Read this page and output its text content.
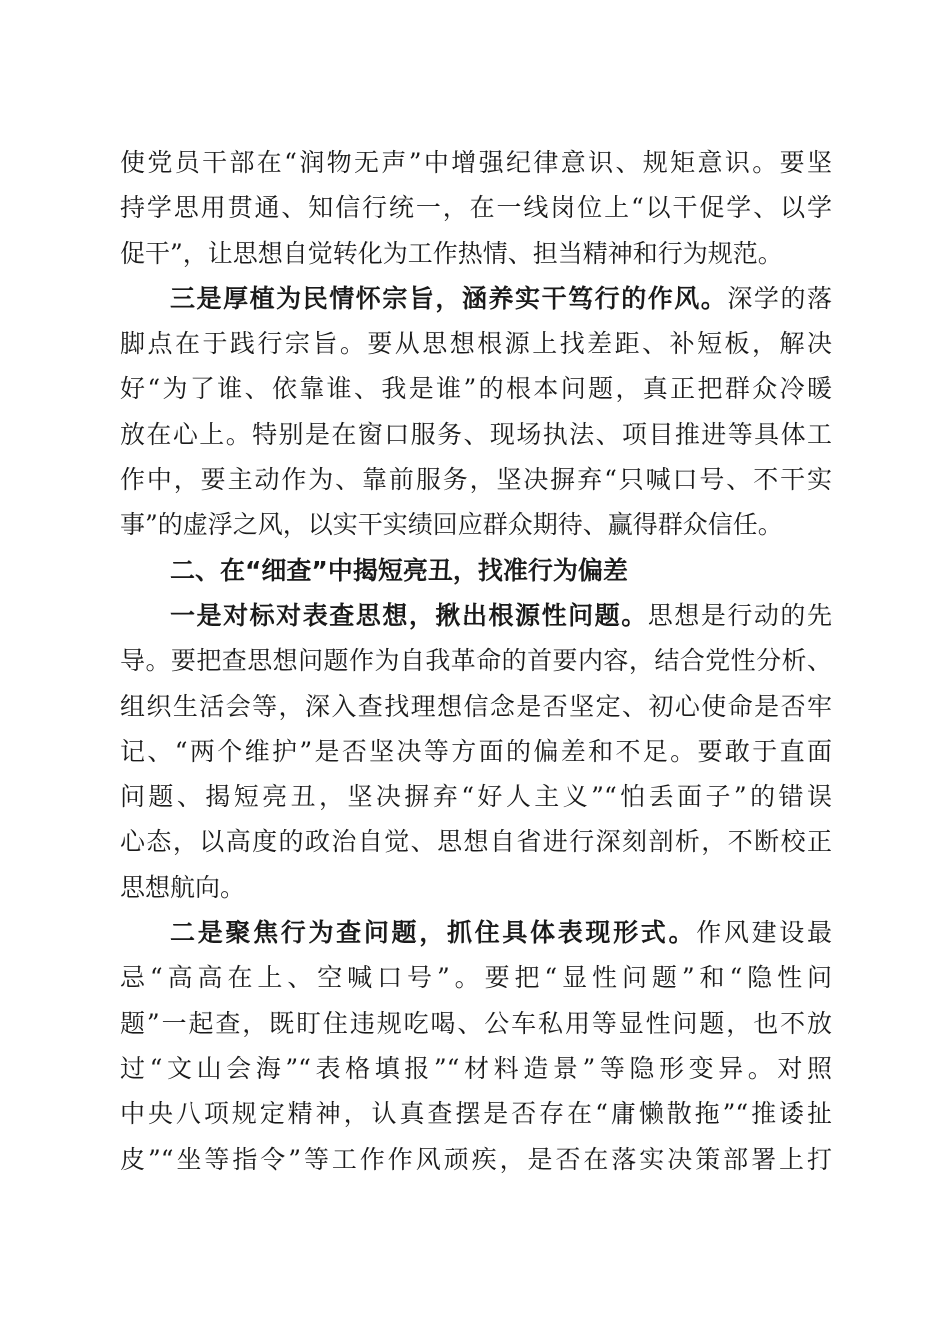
使党员干部在“润物无声”中增强纪律意识、规矩意识。要坚
持学思用贯通、知信行统一，在一线岗位上“以干促学、以学
促干”，让思想自觉转化为工作热情、担当精神和行为规范。
三是厚植为民情怀宗旨，涵养实干笃行的作风。深学的落
脚点在于践行宗旨。要从思想根源上找差距、补短板，解决
好“为了谁、依靠谁、我是谁”的根本问题，真正把群众冷暖
放在心上。特别是在窗口服务、现场执法、项目推进等具体工
作中，要主动作为、靠前服务，坚决摒弃“只喊口号、不干实
事”的虚浮之风，以实干实绩回应群众期待、赢得群众信任。
二、在“细查”中揭短亮丑，找准行为偏差
一是对标对表查思想，揪出根源性问题。思想是行动的先
导。要把查思想问题作为自我革命的首要内容，结合党性分析、
组织生活会等，深入查找理想信念是否坚定、初心使命是否牢
记、“两个维护”是否坚决等方面的偏差和不足。要敢于直面
问题、揭短亮丑，坚决摒弃“好人主义”“怕丢面子”的错误
心态，以高度的政治自觉、思想自省进行深刻剖析，不断校正
思想航向。
二是聚焦行为查问题，抓住具体表现形式。作风建设最
忌“高高在上、空喊口号”。要把“显性问题”和“隐性问
题”一起查，既盯住违规吃喝、公车私用等显性问题，也不放
过“文山会海”“表格填报”“材料造景”等隐形变异。对照
中央八项规定精神，认真查摆是否存在“庸懒散拖”“推诿扯
皮”“坐等指令”等工作作风顽疾，是否在落实决策部署上打
